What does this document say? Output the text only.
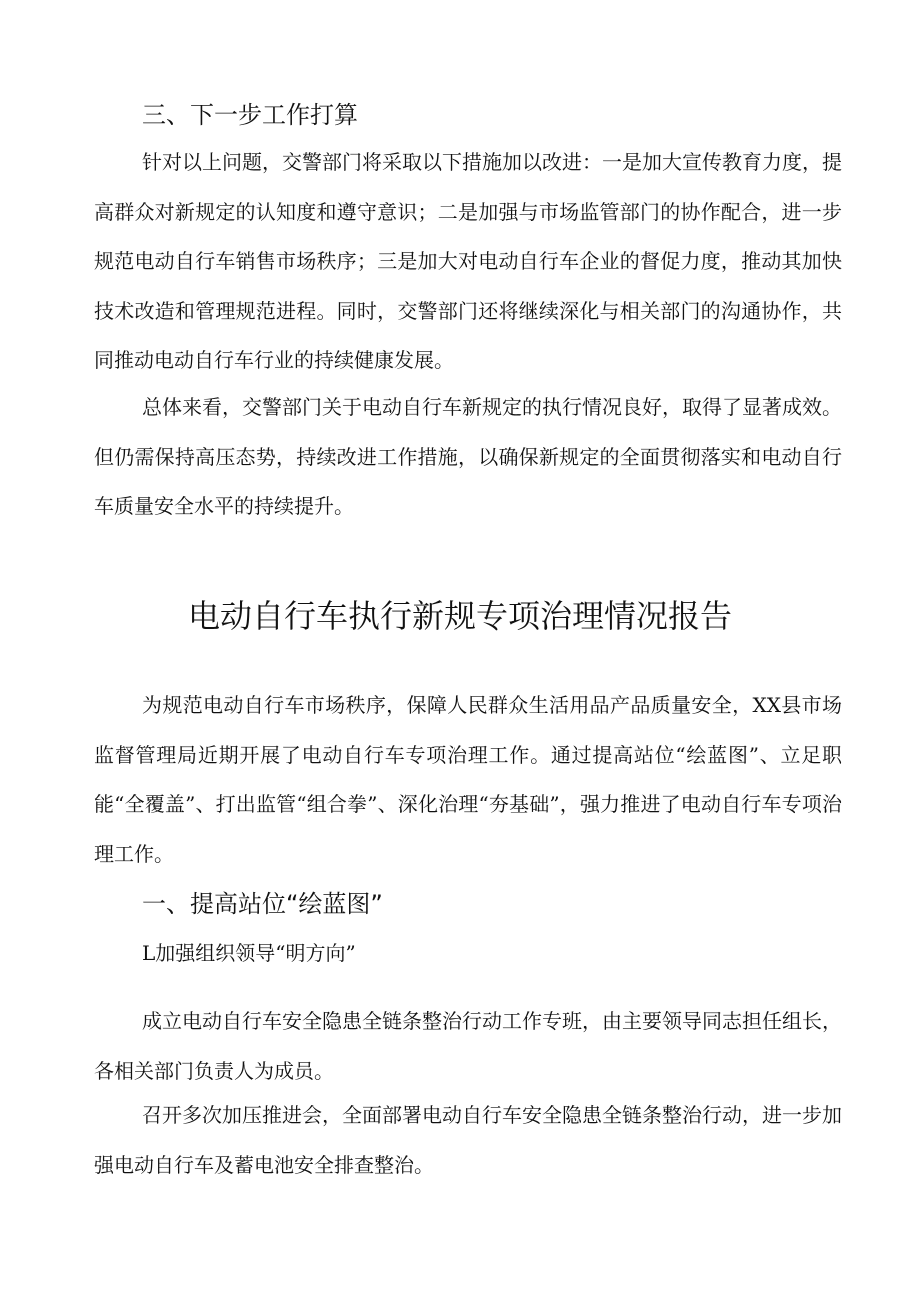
三、下一步工作打算

针对以上问题，交警部门将采取以下措施加以改进：一是加大宣传教育力度，提高群众对新规定的认知度和遵守意识；二是加强与市场监管部门的协作配合，进一步规范电动自行车销售市场秩序；三是加大对电动自行车企业的督促力度，推动其加快技术改造和管理规范进程。同时，交警部门还将继续深化与相关部门的沟通协作，共同推动电动自行车行业的持续健康发展。

总体来看，交警部门关于电动自行车新规定的执行情况良好，取得了显著成效。但仍需保持高压态势，持续改进工作措施，以确保新规定的全面贯彻落实和电动自行车质量安全水平的持续提升。

电动自行车执行新规专项治理情况报告

为规范电动自行车市场秩序，保障人民群众生活用品产品质量安全，XX县市场监督管理局近期开展了电动自行车专项治理工作。通过提高站位“绘蓝图”、立足职能“全覆盖”、打出监管“组合拳”、深化治理“夯基础”，强力推进了电动自行车专项治理工作。

一、提高站位“绘蓝图”
L加强组织领导“明方向”

成立电动自行车安全隐患全链条整治行动工作专班，由主要领导同志担任组长，各相关部门负责人为成员。

召开多次加压推进会，全面部署电动自行车安全隐患全链条整治行动，进一步加强电动自行车及蓄电池安全排查整治。
